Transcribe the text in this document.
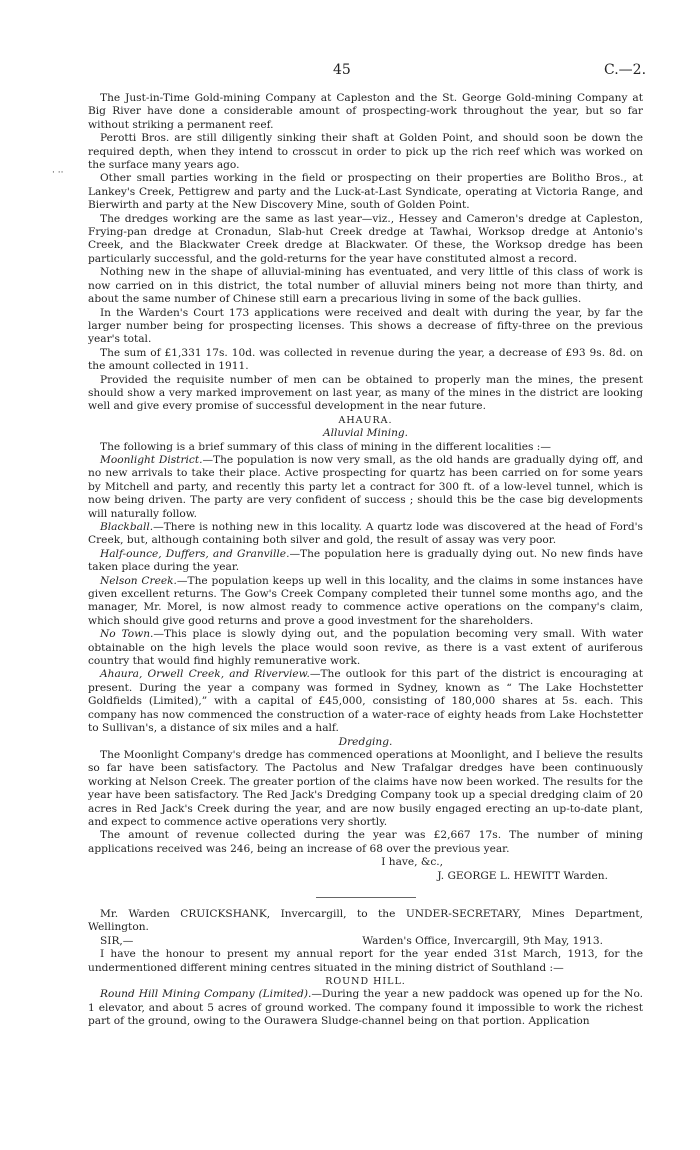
45	C.—2.
· ··

The Just-in-Time Gold-mining Company at Capleston and the St. George Gold-mining Company at Big River have done a considerable amount of prospecting-work throughout the year, but so far without striking a permanent reef.

Perotti Bros. are still diligently sinking their shaft at Golden Point, and should soon be down the required depth, when they intend to crosscut in order to pick up the rich reef which was worked on the surface many years ago.

Other small parties working in the field or prospecting on their properties are Bolitho Bros., at Lankey's Creek, Pettigrew and party and the Luck-at-Last Syndicate, operating at Victoria Range, and Bierwirth and party at the New Discovery Mine, south of Golden Point.

The dredges working are the same as last year—viz., Hessey and Cameron's dredge at Capleston, Frying-pan dredge at Cronadun, Slab-hut Creek dredge at Tawhai, Worksop dredge at Antonio's Creek, and the Blackwater Creek dredge at Blackwater. Of these, the Worksop dredge has been particularly successful, and the gold-returns for the year have constituted almost a record.

Nothing new in the shape of alluvial-mining has eventuated, and very little of this class of work is now carried on in this district, the total number of alluvial miners being not more than thirty, and about the same number of Chinese still earn a precarious living in some of the back gullies.

In the Warden's Court 173 applications were received and dealt with during the year, by far the larger number being for prospecting licenses. This shows a decrease of fifty-three on the previous year's total.

The sum of £1,331 17s. 10d. was collected in revenue during the year, a decrease of £93 9s. 8d. on the amount collected in 1911.

Provided the requisite number of men can be obtained to properly man the mines, the present should show a very marked improvement on last year, as many of the mines in the district are looking well and give every promise of successful development in the near future.

AHAURA.

Alluvial Mining.

The following is a brief summary of this class of mining in the different localities :—

Moonlight District.—The population is now very small, as the old hands are gradually dying off, and no new arrivals to take their place. Active prospecting for quartz has been carried on for some years by Mitchell and party, and recently this party let a contract for 300 ft. of a low-level tunnel, which is now being driven. The party are very confident of success ; should this be the case big developments will naturally follow.

Blackball.—There is nothing new in this locality. A quartz lode was discovered at the head of Ford's Creek, but, although containing both silver and gold, the result of assay was very poor.

Half-ounce, Duffers, and Granville.—The population here is gradually dying out. No new finds have taken place during the year.

Nelson Creek.—The population keeps up well in this locality, and the claims in some instances have given excellent returns. The Gow's Creek Company completed their tunnel some months ago, and the manager, Mr. Morel, is now almost ready to commence active operations on the company's claim, which should give good returns and prove a good investment for the shareholders.

No Town.—This place is slowly dying out, and the population becoming very small. With water obtainable on the high levels the place would soon revive, as there is a vast extent of auriferous country that would find highly remunerative work.

Ahaura, Orwell Creek, and Riverview.—The outlook for this part of the district is encouraging at present. During the year a company was formed in Sydney, known as “ The Lake Hochstetter Goldfields (Limited),” with a capital of £45,000, consisting of 180,000 shares at 5s. each. This company has now commenced the construction of a water-race of eighty heads from Lake Hochstetter to Sullivan's, a distance of six miles and a half.

Dredging.

The Moonlight Company's dredge has commenced operations at Moonlight, and I believe the results so far have been satisfactory. The Pactolus and New Trafalgar dredges have been continuously working at Nelson Creek. The greater portion of the claims have now been worked. The results for the year have been satisfactory. The Red Jack's Dredging Company took up a special dredging claim of 20 acres in Red Jack's Creek during the year, and are now busily engaged erecting an up-to-date plant, and expect to commence active operations very shortly.

The amount of revenue collected during the year was £2,667 17s. The number of mining applications received was 246, being an increase of 68 over the previous year.

I have, &c.,

J. GEORGE L. HEWITT Warden.

Mr. Warden CRUICKSHANK, Invercargill, to the UNDER-SECRETARY, Mines Department, Wellington.

SIR,—	Warden's Office, Invercargill, 9th May, 1913.

I have the honour to present my annual report for the year ended 31st March, 1913, for the undermentioned different mining centres situated in the mining district of Southland :—

ROUND HILL.

Round Hill Mining Company (Limited).—During the year a new paddock was opened up for the No. 1 elevator, and about 5 acres of ground worked. The company found it impossible to work the richest part of the ground, owing to the Ourawera Sludge-channel being on that portion. Application
